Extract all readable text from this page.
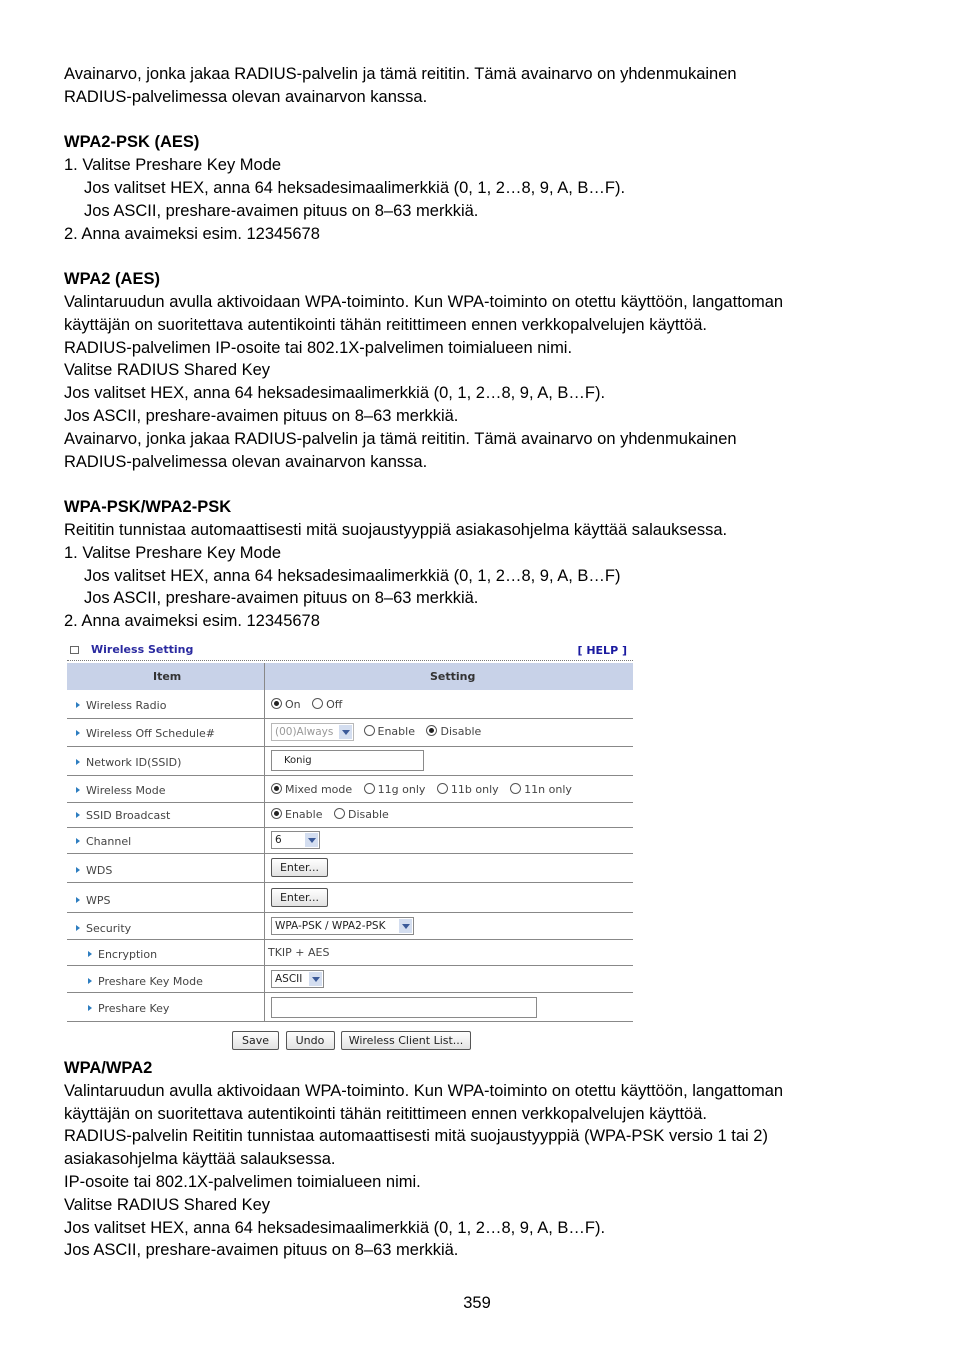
Avainarvo, jonka jakaa RADIUS-palvelin ja tämä reititin. Tämä avainarvo on yhdenmukainen

RADIUS-palvelimessa olevan avainarvon kanssa.

WPA2-PSK (AES)

1. Valitse Preshare Key Mode

Jos valitset HEX, anna 64 heksadesimaalimerkkiä (0, 1, 2…8, 9, A, B…F).

Jos ASCII, preshare-avaimen pituus on 8–63 merkkiä.

2. Anna avaimeksi esim. 12345678

WPA2 (AES)

Valintaruudun avulla aktivoidaan WPA-toiminto. Kun WPA-toiminto on otettu käyttöön, langattoman

käyttäjän on suoritettava autentikointi tähän reitittimeen ennen verkkopalvelujen käyttöä.

RADIUS-palvelimen IP-osoite tai 802.1X-palvelimen toimialueen nimi.

Valitse RADIUS Shared Key

Jos valitset HEX, anna 64 heksadesimaalimerkkiä (0, 1, 2…8, 9, A, B…F).

Jos ASCII, preshare-avaimen pituus on 8–63 merkkiä.

Avainarvo, jonka jakaa RADIUS-palvelin ja tämä reititin. Tämä avainarvo on yhdenmukainen

RADIUS-palvelimessa olevan avainarvon kanssa.

WPA-PSK/WPA2-PSK

Reititin tunnistaa automaattisesti mitä suojaustyyppiä asiakasohjelma käyttää salauksessa.

1. Valitse Preshare Key Mode

Jos valitset HEX, anna 64 heksadesimaalimerkkiä (0, 1, 2…8, 9, A, B…F)

Jos ASCII, preshare-avaimen pituus on 8–63 merkkiä.

2. Anna avaimeksi esim. 12345678

Wireless Setting	[ HELP ]
Item	Setting
Wireless Radio	On Off
Wireless Off Schedule#	(00)Always	Enable Disable
Network ID(SSID)	Konig
Wireless Mode	Mixed mode 11g only 11b only 11n only
SSID Broadcast	Enable Disable
Channel	6
WDS	Enter...
WPS	Enter...
Security	WPA-PSK / WPA2-PSK
Encryption	TKIP + AES
Preshare Key Mode	ASCII
Preshare Key
Save Undo Wireless Client List...

WPA/WPA2

Valintaruudun avulla aktivoidaan WPA-toiminto. Kun WPA-toiminto on otettu käyttöön, langattoman

käyttäjän on suoritettava autentikointi tähän reitittimeen ennen verkkopalvelujen käyttöä.

RADIUS-palvelin Reititin tunnistaa automaattisesti mitä suojaustyyppiä (WPA-PSK versio 1 tai 2)

asiakasohjelma käyttää salauksessa.

IP-osoite tai 802.1X-palvelimen toimialueen nimi.

Valitse RADIUS Shared Key

Jos valitset HEX, anna 64 heksadesimaalimerkkiä (0, 1, 2…8, 9, A, B…F).

Jos ASCII, preshare-avaimen pituus on 8–63 merkkiä.

359
